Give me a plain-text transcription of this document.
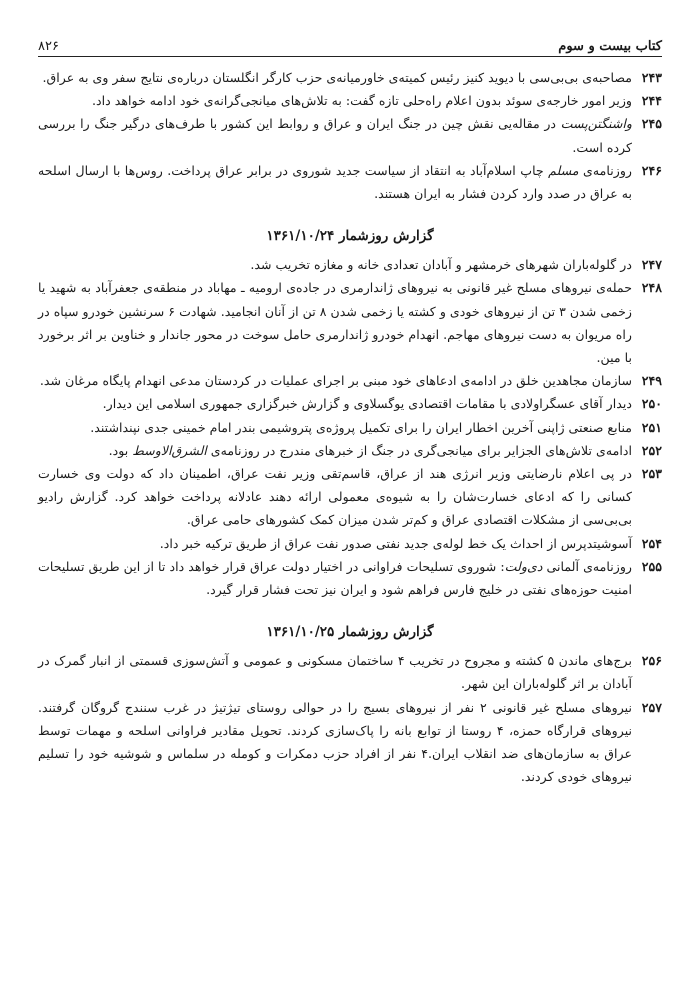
کتاب بیست و سوم
۸۲۶
۲۴۳
مصاحبه‌ی بی‌بی‌سی با دیوید کنیز رئیس کمیته‌ی خاورمیانه‌ی حزب کارگر انگلستان درباره‌ی نتایج سفر وی به عراق.
۲۴۴
وزیر امور خارجه‌ی سوئد بدون اعلام راه‌حلی تازه گفت: به تلاش‌های میانجی‌گرانه‌ی خود ادامه خواهد داد.
۲۴۵
واشنگتن‌پست در مقاله‌یی نقش چین در جنگ ایران و عراق و روابط این کشور با طرف‌های درگیر جنگ را بررسی کرده است.
۲۴۶
روزنامه‌ی مسلم چاپ اسلام‌آباد به انتقاد از سیاست جدید شوروی در برابر عراق پرداخت. روس‌ها با ارسال اسلحه به عراق در صدد وارد کردن فشار به ایران هستند.
گزارش روزشمار ۱۳۶۱/۱۰/۲۴
۲۴۷
در گلوله‌باران شهرهای خرمشهر و آبادان تعدادی خانه و مغازه تخریب شد.
۲۴۸
حمله‌ی نیروهای مسلح غیر قانونی به نیروهای ژاندارمری در جاده‌ی ارومیه ـ مهاباد در منطقه‌ی جعفرآباد به شهید یا زخمی شدن ۳ تن از نیروهای خودی و کشته یا زخمی شدن ۸ تن از آنان انجامید. شهادت ۶ سرنشین خودرو سپاه در راه مریوان به دست نیروهای مهاجم. انهدام خودرو ژاندارمری حامل سوخت در محور جاندار و خناوین بر اثر برخورد با مین.
۲۴۹
سازمان مجاهدین خلق در ادامه‌ی ادعاهای خود مبنی بر اجرای عملیات در کردستان مدعی انهدام پایگاه مرغان شد.
۲۵۰
دیدار آقای عسگراولادی با مقامات اقتصادی یوگسلاوی و گزارش خبرگزاری جمهوری اسلامی این دیدار.
۲۵۱
منابع صنعتی ژاپنی آخرین اخطار ایران را برای تکمیل پروژه‌ی پتروشیمی بندر امام خمینی جدی نپنداشتند.
۲۵۲
ادامه‌ی تلاش‌های الجزایر برای میانجی‌گری در جنگ از خبرهای مندرج در روزنامه‌ی الشرق‌الاوسط بود.
۲۵۳
در پی اعلام نارضایتی وزیر انرژی هند از عراق، قاسم‌تقی وزیر نفت عراق، اطمینان داد که دولت وی خسارت کسانی را که ادعای خسارت‌شان را به شیوه‌ی معمولی ارائه دهند عادلانه پرداخت خواهد کرد. گزارش رادیو بی‌بی‌سی از مشکلات اقتصادی عراق و کم‌تر شدن میزان کمک کشورهای حامی عراق.
۲۵۴
آسوشیتدپرس از احداث یک خط لوله‌ی جدید نفتی صدور نفت عراق از طریق ترکیه خبر داد.
۲۵۵
روزنامه‌ی آلمانی دی‌ولت: شوروی تسلیحات فراوانی در اختیار دولت عراق قرار خواهد داد تا از این طریق تسلیحات امنیت حوزه‌های نفتی در خلیج فارس فراهم شود و ایران نیز تحت فشار قرار گیرد.
گزارش روزشمار ۱۳۶۱/۱۰/۲۵
۲۵۶
برج‌های ماندن ۵ کشته و مجروح در تخریب ۴ ساختمان مسکونی و عمومی و آتش‌سوزی قسمتی از انبار گمرک در آبادان بر اثر گلوله‌باران این شهر.
۲۵۷
نیروهای مسلح غیر قانونی ۲ نفر از نیروهای بسیج را در حوالی روستای تیژتیژ در غرب سنندج گروگان گرفتند. نیروهای قرارگاه حمزه، ۴ روستا از توابع بانه را پاک‌سازی کردند. تحویل مقادیر فراوانی اسلحه و مهمات توسط عراق به سازمان‌های ضد انقلاب ایران.۴ نفر از افراد حزب دمکرات و کومله در سلماس و شوشیه خود را تسلیم نیروهای خودی کردند.
